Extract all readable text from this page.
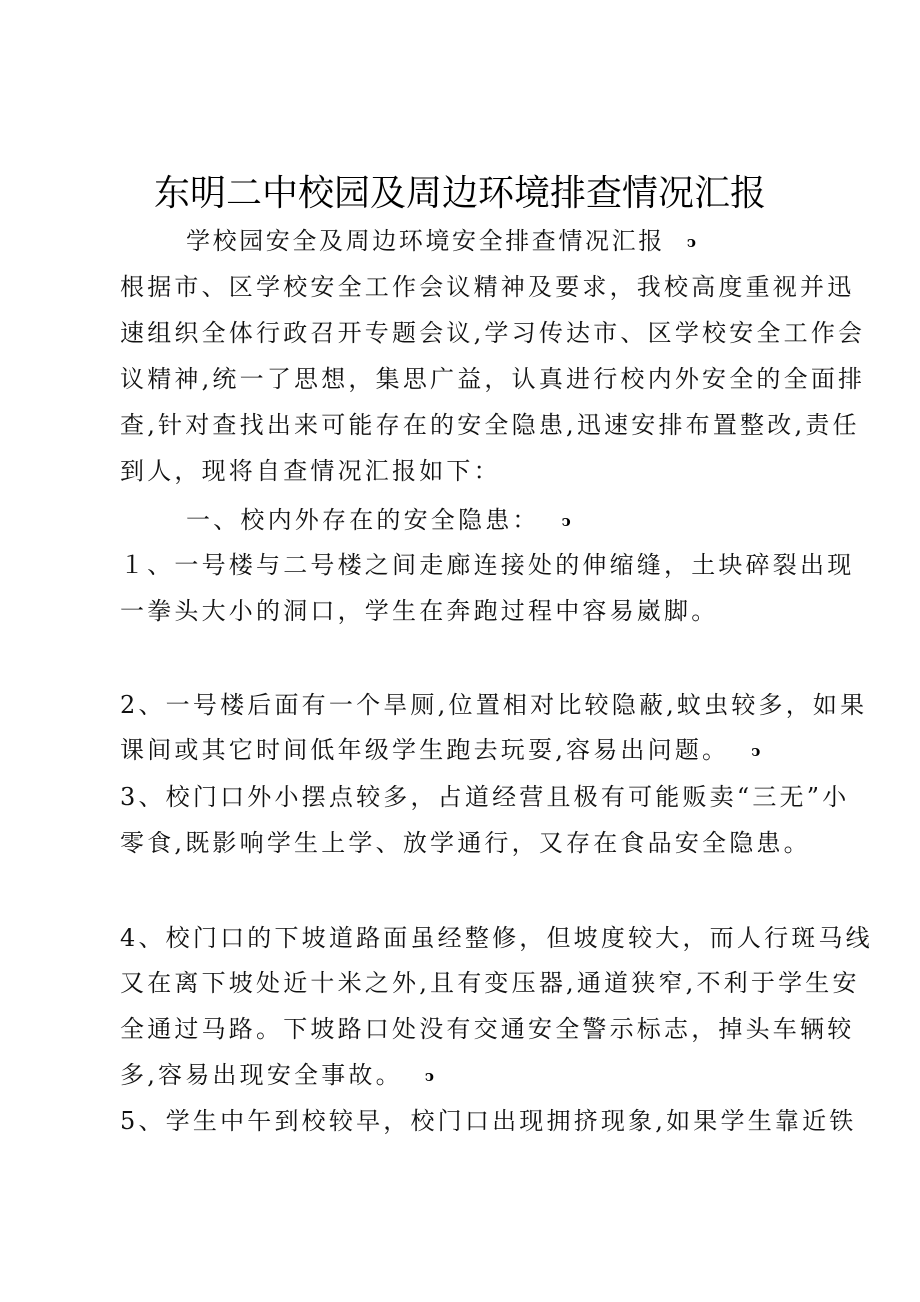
东明二中校园及周边环境排查情况汇报
学校园安全及周边环境安全排查情况汇报 ↄ
根据市、区学校安全工作会议精神及要求，我校高度重视并迅
速组织全体行政召开专题会议,学习传达市、区学校安全工作会
议精神,统一了思想，集思广益，认真进行校内外安全的全面排
查,针对查找出来可能存在的安全隐患,迅速安排布置整改,责任
到人，现将自查情况汇报如下：
一、校内外存在的安全隐患： ↄ
１、一号楼与二号楼之间走廊连接处的伸缩缝，土块碎裂出现
一拳头大小的洞口，学生在奔跑过程中容易崴脚。
2、一号楼后面有一个旱厕,位置相对比较隐蔽,蚊虫较多，如果
课间或其它时间低年级学生跑去玩耍,容易出问题。 ↄ
3、校门口外小摆点较多，占道经营且极有可能贩卖“三无”小
零食,既影响学生上学、放学通行，又存在食品安全隐患。
4、校门口的下坡道路面虽经整修，但坡度较大，而人行斑马线
又在离下坡处近十米之外,且有变压器,通道狭窄,不利于学生安
全通过马路。下坡路口处没有交通安全警示标志，掉头车辆较
多,容易出现安全事故。 ↄ
5、学生中午到校较早，校门口出现拥挤现象,如果学生靠近铁
